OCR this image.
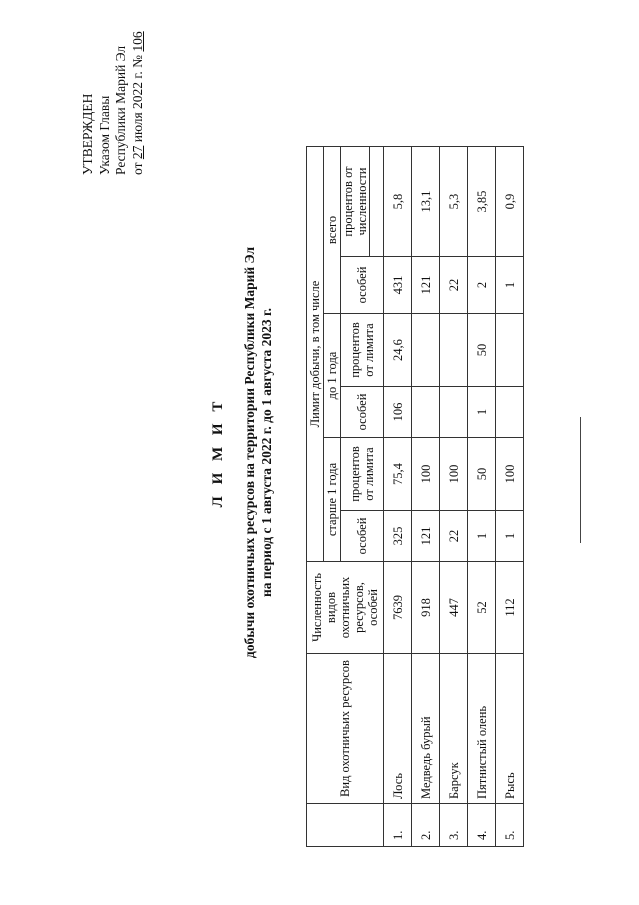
УТВЕРЖДЕН Указом Главы Республики Марий Эл от 27 июля 2022 г. № 106
Л И М И Т добычи охотничьих ресурсов на территории Республики Марий Эл на период с 1 августа 2022 г. до 1 августа 2023 г.
	Вид охотничьих ресурсов	Численность видов охотничьих ресурсов, особей	Лимит добычи, в том числе					
			старше 1 года		до 1 года		всего	
			особей	процентов от лимита	особей	процентов от лимита	особей	процентов от численности

1.	Лось	7639	325	75,4	106	24,6	431	5,8
2.	Медведь бурый	918	121	100			121	13,1
3.	Барсук	447	22	100			22	5,3
4.	Пятнистый олень	52	1	50	1	50	2	3,85
5.	Рысь	112	1	100			1	0,9
